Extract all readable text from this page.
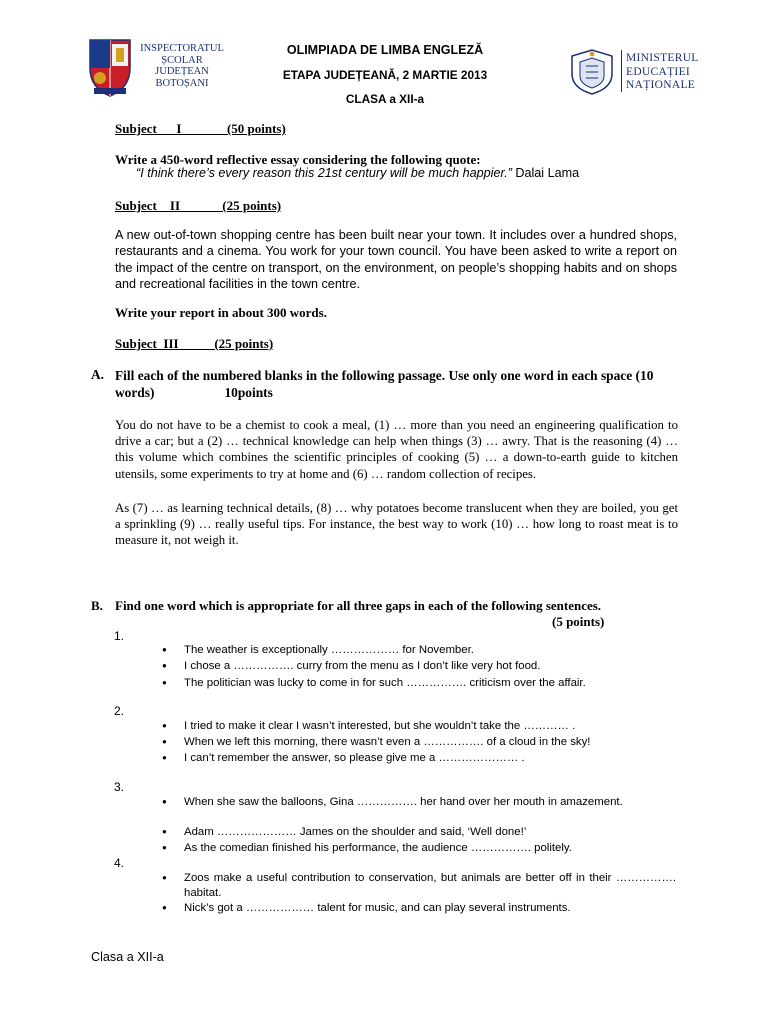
INSPECTORATUL
ȘCOLAR
JUDEȚEAN
BOTOȘANI
OLIMPIADA DE LIMBA ENGLEZĂ
ETAPA JUDEȚEANĂ, 2 MARTIE 2013
CLASA a XII-a
MINISTERUL
EDUCAȚIEI
NAȚIONALE
Subject      I              (50 points)
Write a 450-word reflective essay considering the following quote:
“I think there’s every reason this 21st century will be much happier.” Dalai Lama
Subject    II             (25 points)
A new out-of-town shopping centre has been built near your town. It includes over a hundred shops, restaurants and a cinema. You work for your town council. You have been asked to write a report on the impact of the centre on transport, on the environment, on people’s shopping habits and on shops and recreational facilities in the town centre.
Write your report in about 300 words.
Subject  III           (25 points)
A. Fill each of the numbered blanks in the following passage. Use only one word in each space (10 words)	10points
You do not have to be a chemist to cook a meal, (1) … more than you need an engineering qualification to drive a car; but a (2) … technical knowledge can help when things (3) … awry. That is the reasoning (4) … this volume which combines the scientific principles of cooking (5) … a down-to-earth guide to kitchen utensils, some experiments to try at home and (6) … random collection of recipes.
As (7) … as learning technical details, (8) … why potatoes become translucent when they are boiled, you get a sprinkling (9) … really useful tips. For instance, the best way to work (10) … how long to roast meat is to measure it, not weigh it.
B. Find one word which is appropriate for all three gaps in each of the following sentences.
(5 points)
1.
●
The weather is exceptionally ……………… for November.
●
I chose a ……………. curry from the menu as I don’t like very hot food.
●
The politician was lucky to come in for such ……………. criticism over the affair.
2.
●
I tried to make it clear I wasn’t interested, but she wouldn’t take the ………… .
●
When we left this morning, there wasn’t even a ……………. of a cloud in the sky!
●
I can’t remember the answer, so please give me a ………………… .
3.
●
When she saw the balloons, Gina ……………. her hand over her mouth in amazement.
●
Adam ………………… James on the shoulder and said, ‘Well done!’
●
As the comedian finished his performance, the audience ……………. politely.
4.
●
Zoos make a useful contribution to conservation, but animals are better off in their ……………. habitat.
●
Nick’s got a ……………… talent for music, and can play several instruments.
Clasa a XII-a
